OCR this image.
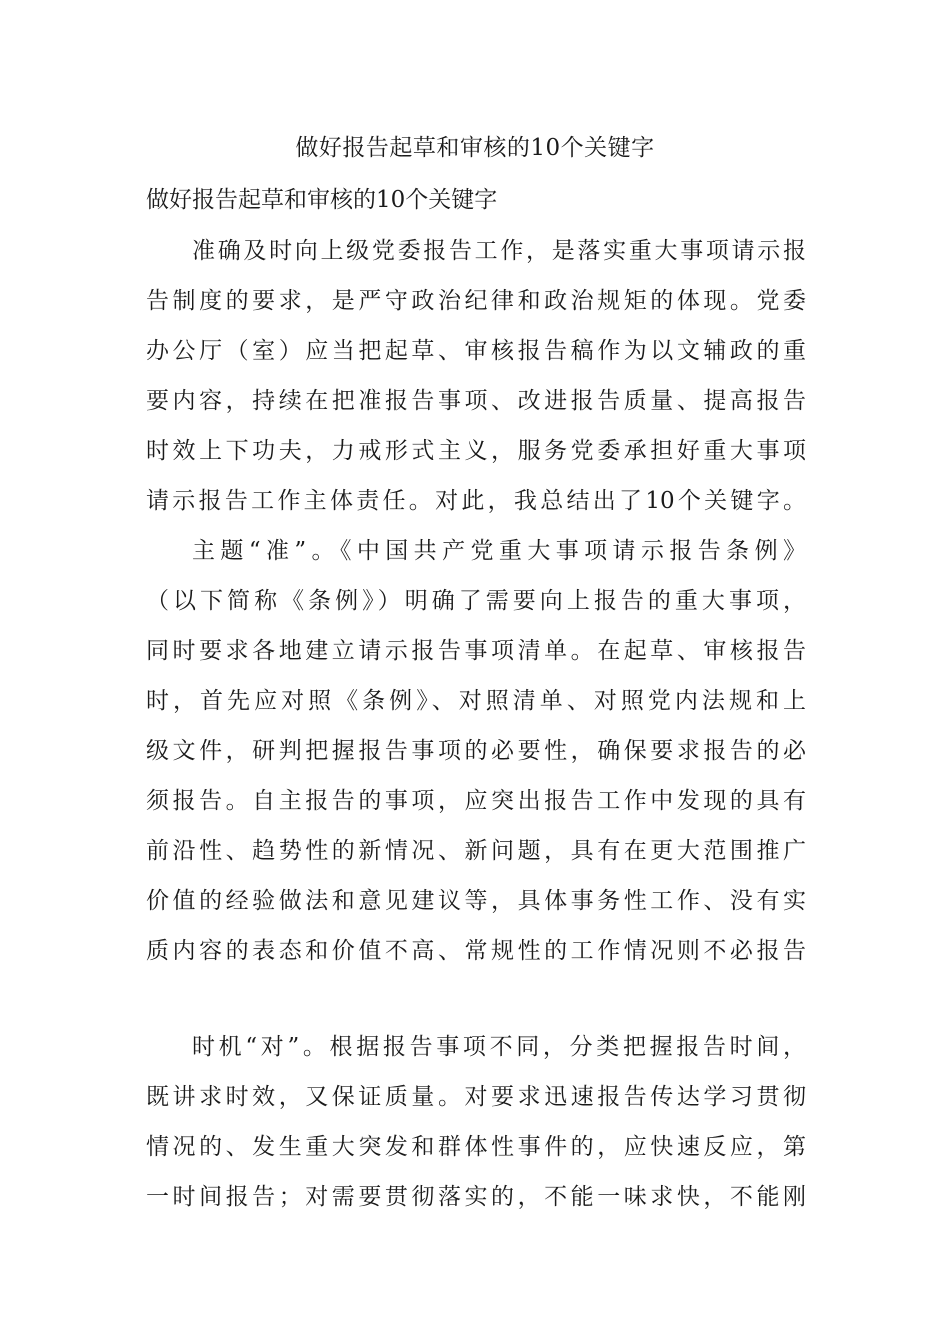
做好报告起草和审核的10个关键字
做好报告起草和审核的10个关键字
准确及时向上级党委报告工作，是落实重大事项请示报
告制度的要求，是严守政治纪律和政治规矩的体现。党委
办公厅（室）应当把起草、审核报告稿作为以文辅政的重
要内容，持续在把准报告事项、改进报告质量、提高报告
时效上下功夫，力戒形式主义，服务党委承担好重大事项
请示报告工作主体责任。对此，我总结出了10个关键字。
主题“准”。《中国共产党重大事项请示报告条例》
（以下简称《条例》）明确了需要向上报告的重大事项，
同时要求各地建立请示报告事项清单。在起草、审核报告
时，首先应对照《条例》、对照清单、对照党内法规和上
级文件，研判把握报告事项的必要性，确保要求报告的必
须报告。自主报告的事项，应突出报告工作中发现的具有
前沿性、趋势性的新情况、新问题，具有在更大范围推广
价值的经验做法和意见建议等，具体事务性工作、没有实
质内容的表态和价值不高、常规性的工作情况则不必报告
时机“对”。根据报告事项不同，分类把握报告时间，
既讲求时效，又保证质量。对要求迅速报告传达学习贯彻
情况的、发生重大突发和群体性事件的，应快速反应，第
一时间报告；对需要贯彻落实的，不能一味求快，不能刚
